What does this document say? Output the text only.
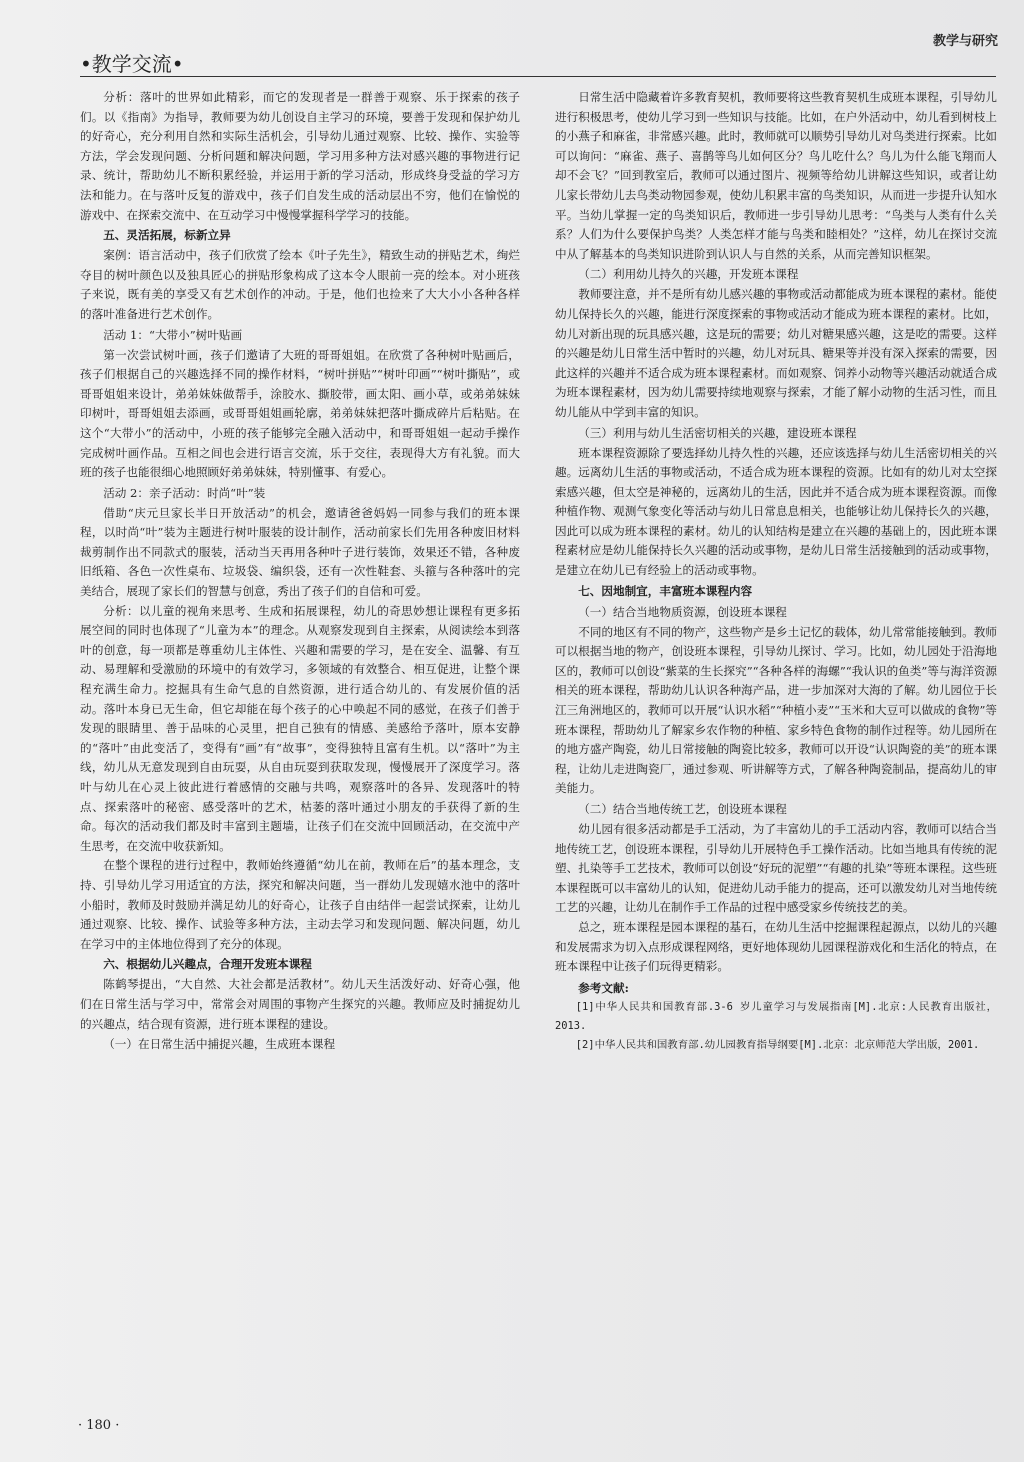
教学与研究
•教学交流•

分析：落叶的世界如此精彩，而它的发现者是一群善于观察、乐于探索的孩子们。以《指南》为指导，教师要为幼儿创设自主学习的环境，要善于发现和保护幼儿的好奇心，充分利用自然和实际生活机会，引导幼儿通过观察、比较、操作、实验等方法，学会发现问题、分析问题和解决问题，学习用多种方法对感兴趣的事物进行记录、统计，帮助幼儿不断积累经验，并运用于新的学习活动，形成终身受益的学习方法和能力。在与落叶反复的游戏中，孩子们自发生成的活动层出不穷，他们在愉悦的游戏中、在探索交流中、在互动学习中慢慢掌握科学学习的技能。

五、灵活拓展，标新立异

案例：语言活动中，孩子们欣赏了绘本《叶子先生》，精致生动的拼贴艺术，绚烂夺目的树叶颜色以及独具匠心的拼贴形象构成了这本令人眼前一亮的绘本。对小班孩子来说，既有美的享受又有艺术创作的冲动。于是，他们也捡来了大大小小各种各样的落叶准备进行艺术创作。

活动 1：“大带小”树叶贴画

第一次尝试树叶画，孩子们邀请了大班的哥哥姐姐。在欣赏了各种树叶贴画后，孩子们根据自己的兴趣选择不同的操作材料，“树叶拼贴”“树叶印画”“树叶撕贴”，或哥哥姐姐来设计，弟弟妹妹做帮手，涂胶水、撕胶带，画太阳、画小草，或弟弟妹妹印树叶，哥哥姐姐去添画，或哥哥姐姐画轮廓，弟弟妹妹把落叶撕成碎片后粘贴。在这个“大带小”的活动中，小班的孩子能够完全融入活动中，和哥哥姐姐一起动手操作完成树叶画作品。互相之间也会进行语言交流，乐于交往，表现得大方有礼貌。而大班的孩子也能很细心地照顾好弟弟妹妹，特别懂事、有爱心。

活动 2：亲子活动：时尚“叶”装

借助“庆元旦家长半日开放活动”的机会，邀请爸爸妈妈一同参与我们的班本课程，以时尚“叶”装为主题进行树叶服装的设计制作，活动前家长们先用各种废旧材料裁剪制作出不同款式的服装，活动当天再用各种叶子进行装饰，效果还不错，各种废旧纸箱、各色一次性桌布、垃圾袋、编织袋，还有一次性鞋套、头箍与各种落叶的完美结合，展现了家长们的智慧与创意，秀出了孩子们的自信和可爱。

分析：以儿童的视角来思考、生成和拓展课程，幼儿的奇思妙想让课程有更多拓展空间的同时也体现了“儿童为本”的理念。从观察发现到自主探索，从阅读绘本到落叶的创意，每一项都是尊重幼儿主体性、兴趣和需要的学习，是在安全、温馨、有互动、易理解和受激励的环境中的有效学习，多领域的有效整合、相互促进，让整个课程充满生命力。挖掘具有生命气息的自然资源，进行适合幼儿的、有发展价值的活动。落叶本身已无生命，但它却能在每个孩子的心中唤起不同的感觉，在孩子们善于发现的眼睛里、善于品味的心灵里，把自己独有的情感、美感给予落叶，原本安静的“落叶”由此变活了，变得有“画”有“故事”，变得独特且富有生机。以“落叶”为主线，幼儿从无意发现到自由玩耍，从自由玩耍到获取发现，慢慢展开了深度学习。落叶与幼儿在心灵上彼此进行着感情的交融与共鸣，观察落叶的各异、发现落叶的特点、探索落叶的秘密、感受落叶的艺术，枯萎的落叶通过小朋友的手获得了新的生命。每次的活动我们都及时丰富到主题墙，让孩子们在交流中回顾活动，在交流中产生思考，在交流中收获新知。

在整个课程的进行过程中，教师始终遵循“幼儿在前，教师在后”的基本理念，支持、引导幼儿学习用适宜的方法，探究和解决问题，当一群幼儿发现嬉水池中的落叶小船时，教师及时鼓励并满足幼儿的好奇心，让孩子自由结伴一起尝试探索，让幼儿通过观察、比较、操作、试验等多种方法，主动去学习和发现问题、解决问题，幼儿在学习中的主体地位得到了充分的体现。

六、根据幼儿兴趣点，合理开发班本课程

陈鹤琴提出，“大自然、大社会都是活教材”。幼儿天生活泼好动、好奇心强，他们在日常生活与学习中，常常会对周围的事物产生探究的兴趣。教师应及时捕捉幼儿的兴趣点，结合现有资源，进行班本课程的建设。

（一）在日常生活中捕捉兴趣，生成班本课程

日常生活中隐藏着许多教育契机，教师要将这些教育契机生成班本课程，引导幼儿进行积极思考，使幼儿学习到一些知识与技能。比如，在户外活动中，幼儿看到树枝上的小燕子和麻雀，非常感兴趣。此时，教师就可以顺势引导幼儿对鸟类进行探索。比如可以询问：“麻雀、燕子、喜鹊等鸟儿如何区分？鸟儿吃什么？鸟儿为什么能飞翔而人却不会飞？”回到教室后，教师可以通过图片、视频等给幼儿讲解这些知识，或者让幼儿家长带幼儿去鸟类动物园参观，使幼儿积累丰富的鸟类知识，从而进一步提升认知水平。当幼儿掌握一定的鸟类知识后，教师进一步引导幼儿思考：“鸟类与人类有什么关系？人们为什么要保护鸟类？人类怎样才能与鸟类和睦相处？”这样，幼儿在探讨交流中从了解基本的鸟类知识进阶到认识人与自然的关系，从而完善知识框架。

（二）利用幼儿持久的兴趣，开发班本课程

教师要注意，并不是所有幼儿感兴趣的事物或活动都能成为班本课程的素材。能使幼儿保持长久的兴趣，能进行深度探索的事物或活动才能成为班本课程的素材。比如，幼儿对新出现的玩具感兴趣，这是玩的需要；幼儿对糖果感兴趣，这是吃的需要。这样的兴趣是幼儿日常生活中暂时的兴趣，幼儿对玩具、糖果等并没有深入探索的需要，因此这样的兴趣并不适合成为班本课程素材。而如观察、饲养小动物等兴趣活动就适合成为班本课程素材，因为幼儿需要持续地观察与探索，才能了解小动物的生活习性，而且幼儿能从中学到丰富的知识。

（三）利用与幼儿生活密切相关的兴趣，建设班本课程

班本课程资源除了要选择幼儿持久性的兴趣，还应该选择与幼儿生活密切相关的兴趣。远离幼儿生活的事物或活动，不适合成为班本课程的资源。比如有的幼儿对太空探索感兴趣，但太空是神秘的，远离幼儿的生活，因此并不适合成为班本课程资源。而像种植作物、观测气象变化等活动与幼儿日常息息相关，也能够让幼儿保持长久的兴趣，因此可以成为班本课程的素材。幼儿的认知结构是建立在兴趣的基础上的，因此班本课程素材应是幼儿能保持长久兴趣的活动或事物，是幼儿日常生活接触到的活动或事物，是建立在幼儿已有经验上的活动或事物。

七、因地制宜，丰富班本课程内容
（一）结合当地物质资源，创设班本课程

不同的地区有不同的物产，这些物产是乡土记忆的载体，幼儿常常能接触到。教师可以根据当地的物产，创设班本课程，引导幼儿探讨、学习。比如，幼儿园处于沿海地区的，教师可以创设“紫菜的生长探究”“各种各样的海螺”“我认识的鱼类”等与海洋资源相关的班本课程，帮助幼儿认识各种海产品，进一步加深对大海的了解。幼儿园位于长江三角洲地区的，教师可以开展“认识水稻”“种植小麦”“玉米和大豆可以做成的食物”等班本课程，帮助幼儿了解家乡农作物的种植、家乡特色食物的制作过程等。幼儿园所在的地方盛产陶瓷，幼儿日常接触的陶瓷比较多，教师可以开设“认识陶瓷的美”的班本课程，让幼儿走进陶瓷厂，通过参观、听讲解等方式，了解各种陶瓷制品，提高幼儿的审美能力。

（二）结合当地传统工艺，创设班本课程

幼儿园有很多活动都是手工活动，为了丰富幼儿的手工活动内容，教师可以结合当地传统工艺，创设班本课程，引导幼儿开展特色手工操作活动。比如当地具有传统的泥塑、扎染等手工艺技术，教师可以创设“好玩的泥塑”“有趣的扎染”等班本课程。这些班本课程既可以丰富幼儿的认知，促进幼儿动手能力的提高，还可以激发幼儿对当地传统工艺的兴趣，让幼儿在制作手工作品的过程中感受家乡传统技艺的美。

总之，班本课程是园本课程的基石，在幼儿生活中挖掘课程起源点，以幼儿的兴趣和发展需求为切入点形成课程网络，更好地体现幼儿园课程游戏化和生活化的特点，在班本课程中让孩子们玩得更精彩。

参考文献:
[1]中华人民共和国教育部.3-6 岁儿童学习与发展指南[M].北京:人民教育出版社，2013.
[2]中华人民共和国教育部.幼儿园教育指导纲要[M].北京：北京师范大学出版，2001.
· 180 ·
